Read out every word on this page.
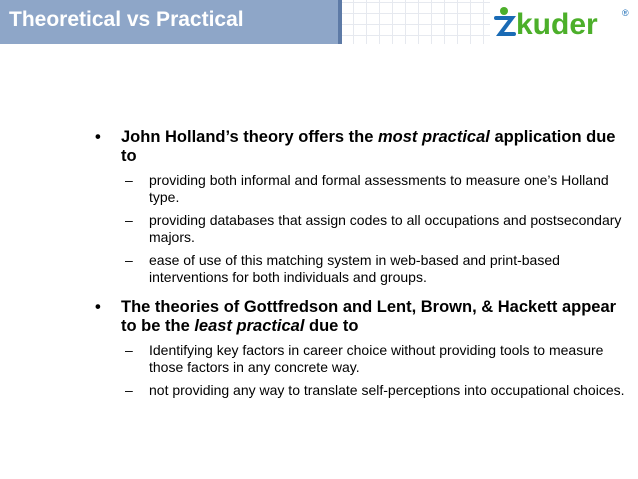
Theoretical vs Practical	kuder	®
• John Holland’s theory offers the most practical application due to
– providing both informal and formal assessments to measure one’s Holland type.
– providing databases that assign codes to all occupations and postsecondary majors.
– ease of use of this matching system in web-based and print-based interventions for both individuals and groups.
• The theories of Gottfredson and Lent, Brown, & Hackett appear to be the least practical due to
– Identifying key factors in career choice without providing tools to measure those factors in any concrete way.
– not providing any way to translate self-perceptions into occupational choices.
